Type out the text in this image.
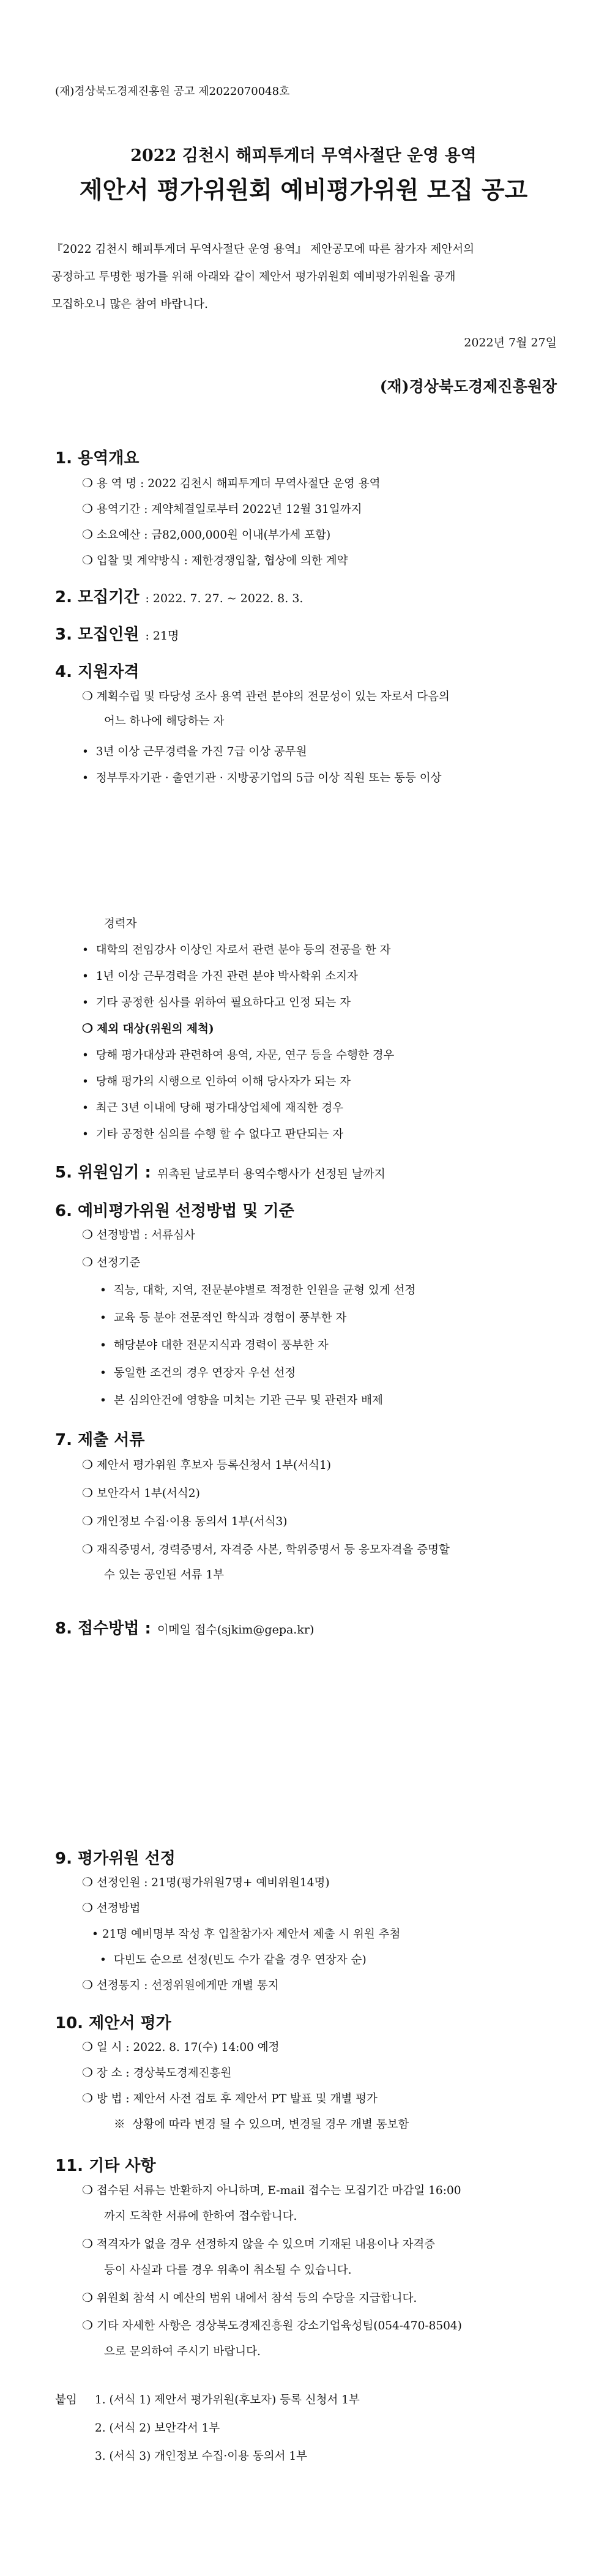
(재)경상북도경제진흥원 공고 제2022070048호
2022 김천시 해피투게더 무역사절단 운영 용역
제안서 평가위원회 예비평가위원 모집 공고
『2022 김천시 해피투게더 무역사절단 운영 용역』 제안공모에 따른 참가자 제안서의
공정하고 투명한 평가를 위해 아래와 같이 제안서 평가위원회 예비평가위원을 공개
모집하오니 많은 참여 바랍니다.
2022년 7월 27일
(재)경상북도경제진흥원장
1. 용역개요
❍ 용 역 명 : 2022 김천시 해피투게더 무역사절단 운영 용역
❍ 용역기간 : 계약체결일로부터 2022년 12월 31일까지
❍ 소요예산 : 금82,000,000원 이내(부가세 포함)
❍ 입찰 및 계약방식 : 제한경쟁입찰, 협상에 의한 계약
2. 모집기간 : 2022. 7. 27. ~ 2022. 8. 3.
3. 모집인원 : 21명
4. 지원자격
❍ 계획수립 및 타당성 조사 용역 관련 분야의 전문성이 있는 자로서 다음의
어느 하나에 해당하는 자
• 3년 이상 근무경력을 가진 7급 이상 공무원
• 정부투자기관 · 출연기관 · 지방공기업의 5급 이상 직원 또는 동등 이상
경력자
• 대학의 전임강사 이상인 자로서 관련 분야 등의 전공을 한 자
• 1년 이상 근무경력을 가진 관련 분야 박사학위 소지자
• 기타 공정한 심사를 위하여 필요하다고 인정 되는 자
❍ 제외 대상(위원의 제척)
• 당해 평가대상과 관련하여 용역, 자문, 연구 등을 수행한 경우
• 당해 평가의 시행으로 인하여 이해 당사자가 되는 자
• 최근 3년 이내에 당해 평가대상업체에 재직한 경우
• 기타 공정한 심의를 수행 할 수 없다고 판단되는 자
5. 위원임기 : 위촉된 날로부터 용역수행사가 선정된 날까지
6. 예비평가위원 선정방법 및 기준
❍ 선정방법 : 서류심사
❍ 선정기준
• 직능, 대학, 지역, 전문분야별로 적정한 인원을 균형 있게 선정
• 교육 등 분야 전문적인 학식과 경험이 풍부한 자
• 해당분야 대한 전문지식과 경력이 풍부한 자
• 동일한 조건의 경우 연장자 우선 선정
• 본 심의안건에 영향을 미치는 기관 근무 및 관련자 배제
7. 제출 서류
❍ 제안서 평가위원 후보자 등록신청서 1부(서식1)
❍ 보안각서 1부(서식2)
❍ 개인정보 수집·이용 동의서 1부(서식3)
❍ 재직증명서, 경력증명서, 자격증 사본, 학위증명서 등 응모자격을 증명할
수 있는 공인된 서류 1부
8. 접수방법 : 이메일 접수(sjkim@gepa.kr)
9. 평가위원 선정
❍ 선정인원 : 21명(평가위원7명+ 예비위원14명)
❍ 선정방법
• 21명 예비명부 작성 후 입찰참가자 제안서 제출 시 위원 추첨
• 다빈도 순으로 선정(빈도 수가 같을 경우 연장자 순)
❍ 선정통지 : 선정위원에게만 개별 통지
10. 제안서 평가
❍ 일 시 : 2022. 8. 17(수) 14:00 예정
❍ 장 소 : 경상북도경제진흥원
❍ 방 법 : 제안서 사전 검토 후 제안서 PT 발표 및 개별 평가
※ 상황에 따라 변경 될 수 있으며, 변경될 경우 개별 통보함
11. 기타 사항
❍ 접수된 서류는 반환하지 아니하며, E-mail 접수는 모집기간 마감일 16:00
까지 도착한 서류에 한하여 접수합니다.
❍ 적격자가 없을 경우 선정하지 않을 수 있으며 기재된 내용이나 자격증
등이 사실과 다를 경우 위촉이 취소될 수 있습니다.
❍ 위원회 참석 시 예산의 범위 내에서 참석 등의 수당을 지급합니다.
❍ 기타 자세한 사항은 경상북도경제진흥원 강소기업육성팀(054-470-8504)
으로 문의하여 주시기 바랍니다.
붙임 1. (서식 1) 제안서 평가위원(후보자) 등록 신청서 1부
2. (서식 2) 보안각서 1부
3. (서식 3) 개인정보 수집·이용 동의서 1부
